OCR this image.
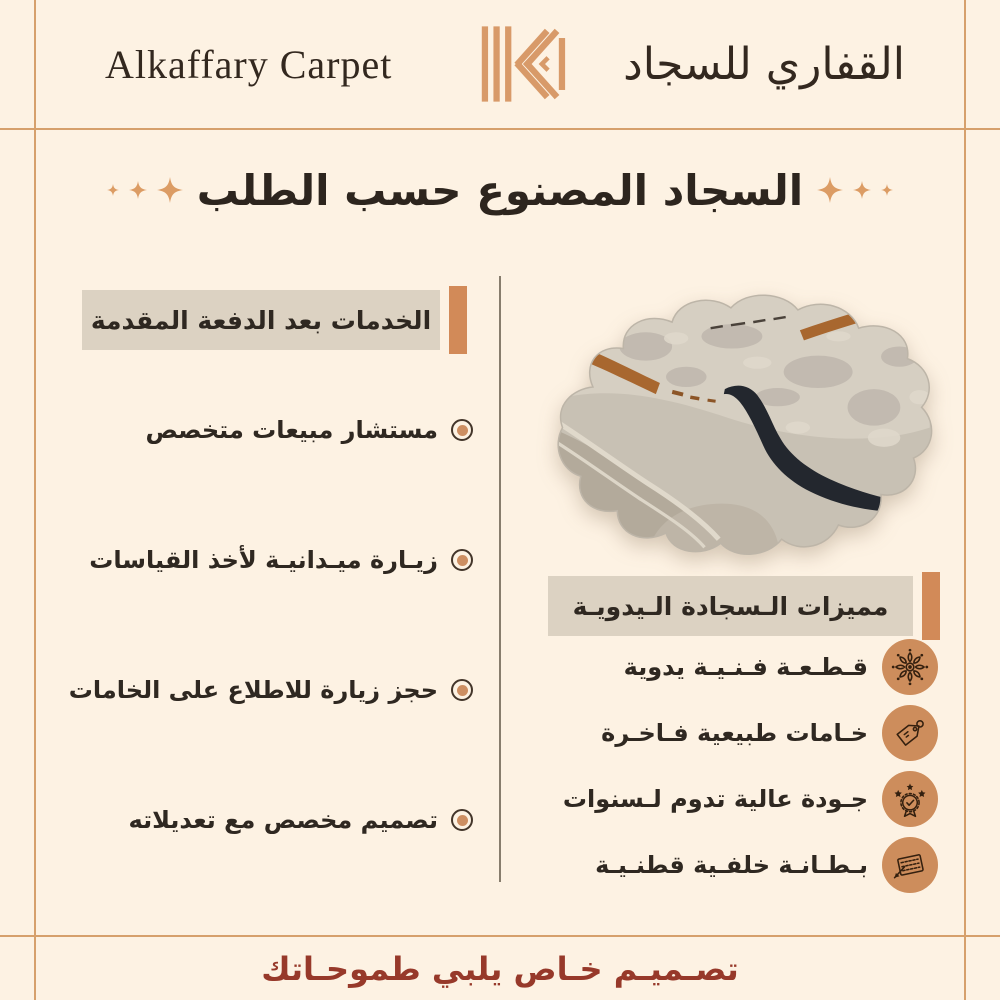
Alkaffary Carpet	القفاري للسجاد
السجاد المصنوع حسب الطلب
الخدمات بعد الدفعة المقدمة
مستشار مبيعات متخصص
زيـارة ميـدانيـة لأخذ القياسات
حجز زيارة للاطلاع على الخامات
تصميم مخصص مع تعديلاته
مميزات الـسجادة الـيدويـة
قـطـعـة فـنـيـة يدوية
خـامات طبيعية فـاخـرة
جـودة عالية تدوم لـسنوات
بـطـانـة خلفـية قطنـيـة
تصـميـم خـاص يلبي طموحـاتك
